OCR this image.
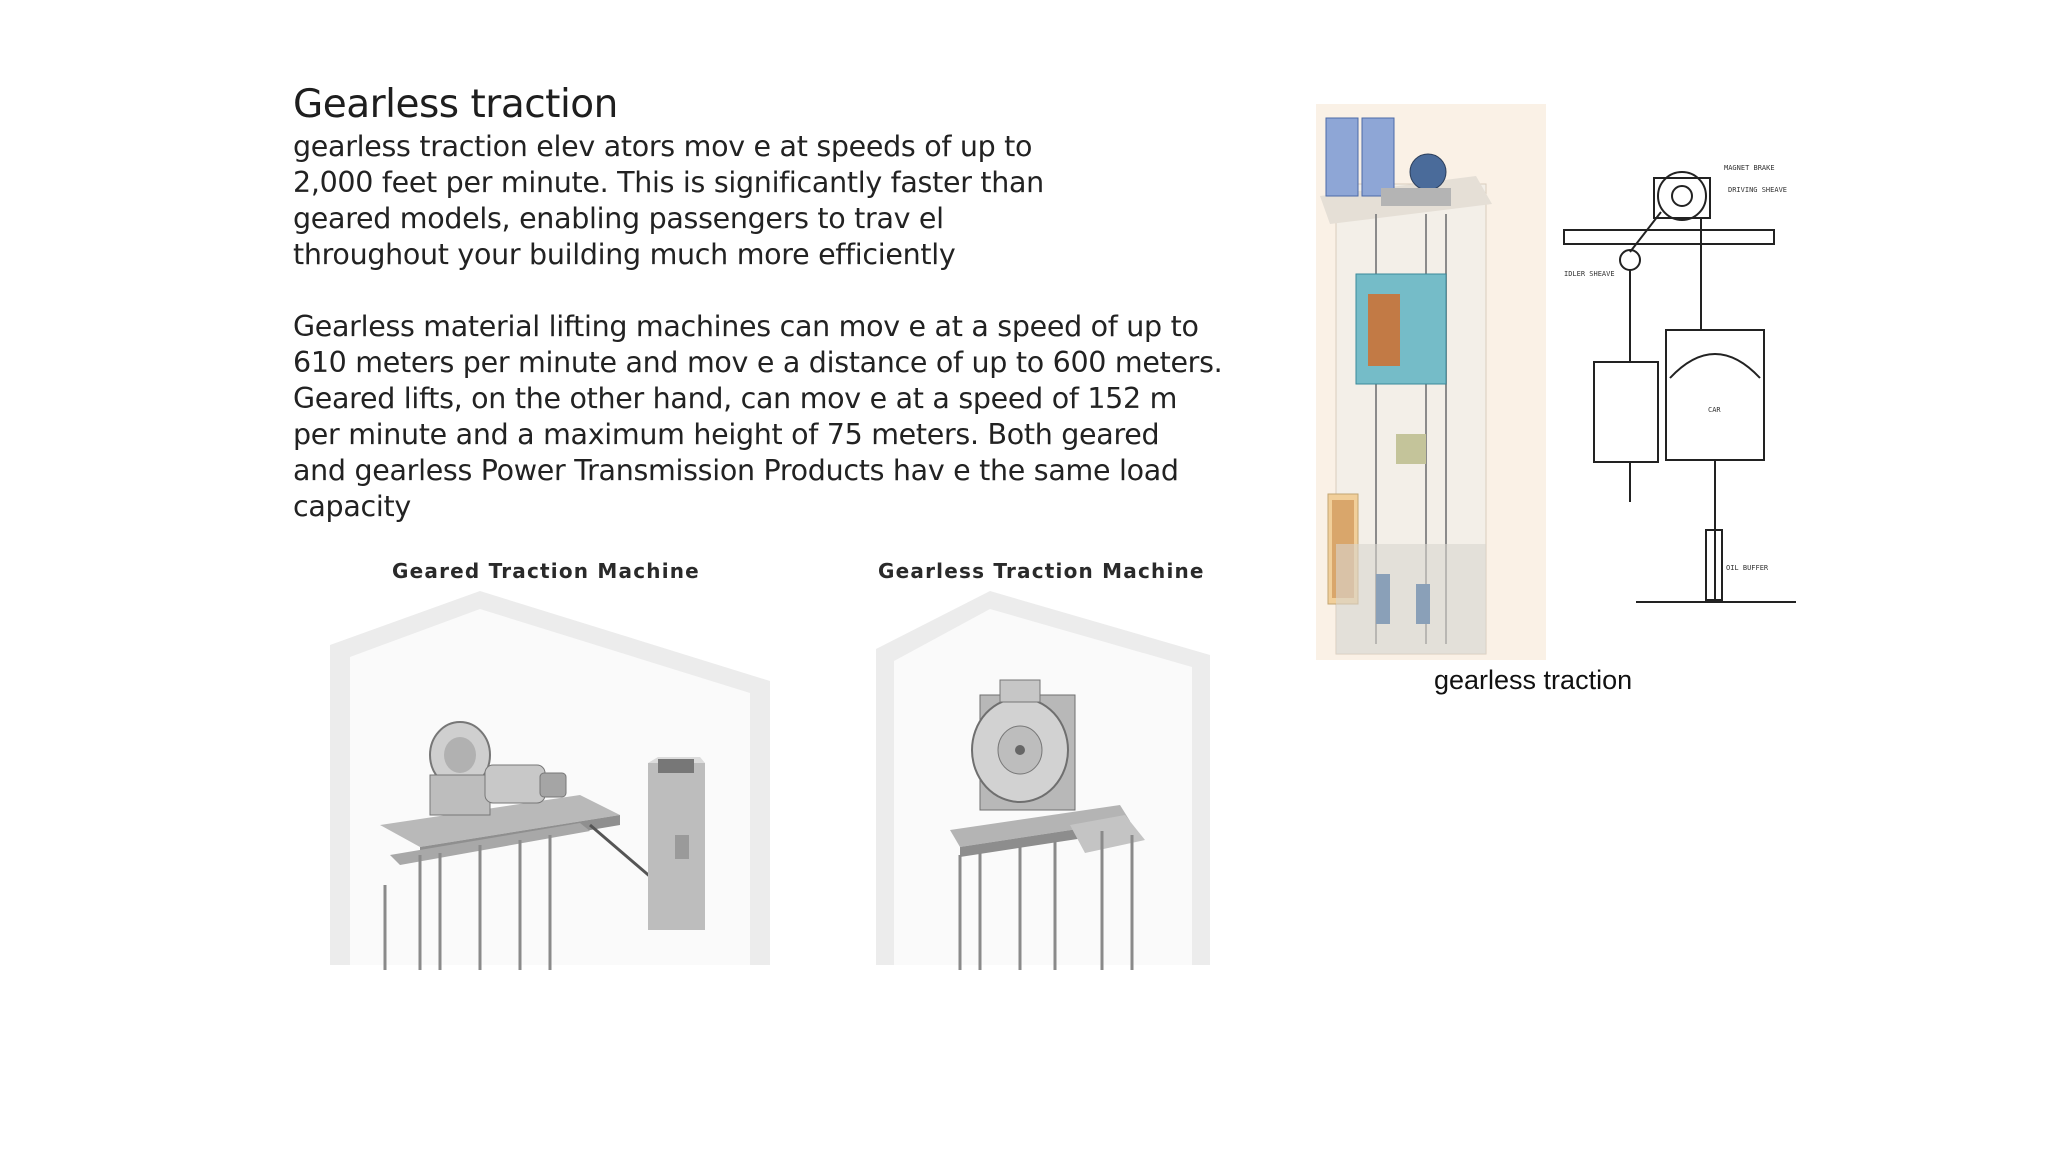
Gearless traction
gearless traction elev ators mov e at speeds of up to
2,000 feet per minute. This is significantly faster than
geared models, enabling passengers to trav el
throughout your building much more efficiently
Gearless material lifting machines can mov e at a speed of up to
610 meters per minute and mov e a distance of up to 600 meters.
Geared lifts, on the other hand, can mov e at a speed of 152 m
per minute and a maximum height of 75 meters. Both geared
and gearless Power Transmission Products hav e the same load
capacity
Geared Traction Machine	Gearless Traction Machine
MAGNET BRAKE
DRIVING SHEAVE
IDLER SHEAVE
CAR
OIL BUFFER
gearless traction
